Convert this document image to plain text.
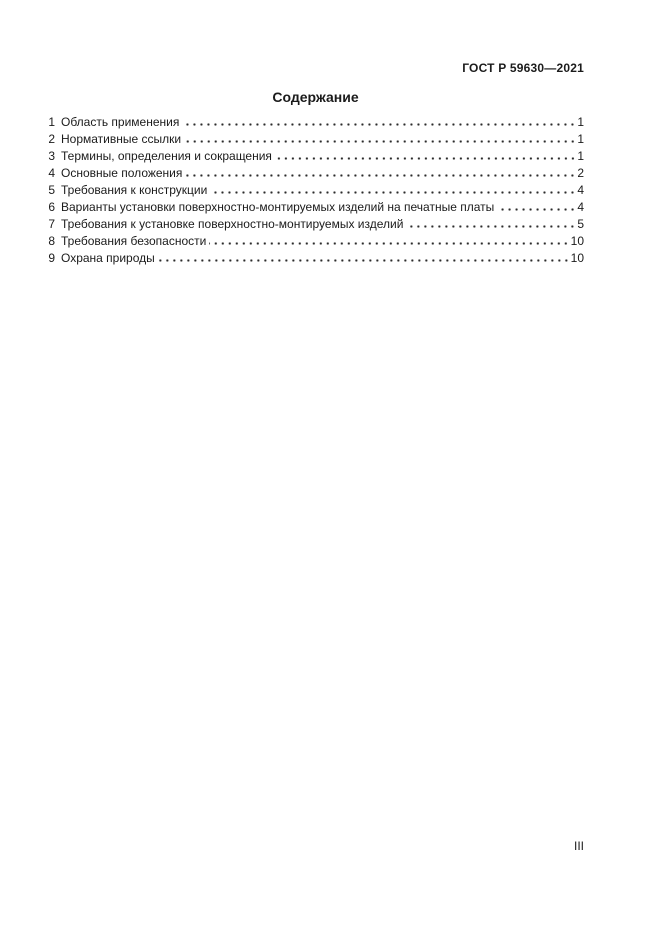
ГОСТ Р 59630—2021
Содержание
1 Область применения	1
2 Нормативные ссылки	1
3 Термины, определения и сокращения	1
4 Основные положения	2
5 Требования к конструкции	4
6 Варианты установки поверхностно-монтируемых изделий на печатные платы	4
7 Требования к установке поверхностно-монтируемых изделий	5
8 Требования безопасности	10
9 Охрана природы	10
III
